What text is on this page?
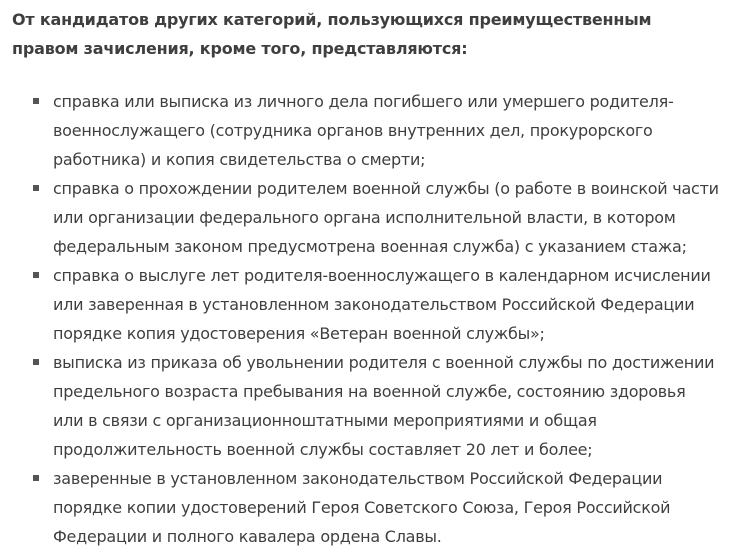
От кандидатов других категорий, пользующихся преимущественным правом зачисления, кроме того, представляются:

справка или выписка из личного дела погибшего или умершего родителя-военнослужащего (сотрудника органов внутренних дел, прокурорского работника) и копия свидетельства о смерти;
справка о прохождении родителем военной службы (о работе в воинской части или организации федерального органа исполнительной власти, в котором федеральным законом предусмотрена военная служба) с указанием стажа;
справка о выслуге лет родителя-военнослужащего в календарном исчислении или заверенная в установленном законодательством Российской Федерации порядке копия удостоверения «Ветеран военной службы»;
выписка из приказа об увольнении родителя с военной службы по достижении предельного возраста пребывания на военной службе, состоянию здоровья или в связи с организационноштатными мероприятиями и общая продолжительность военной службы составляет 20 лет и более;
заверенные в установленном законодательством Российской Федерации порядке копии удостоверений Героя Советского Союза, Героя Российской Федерации и полного кавалера ордена Славы.
